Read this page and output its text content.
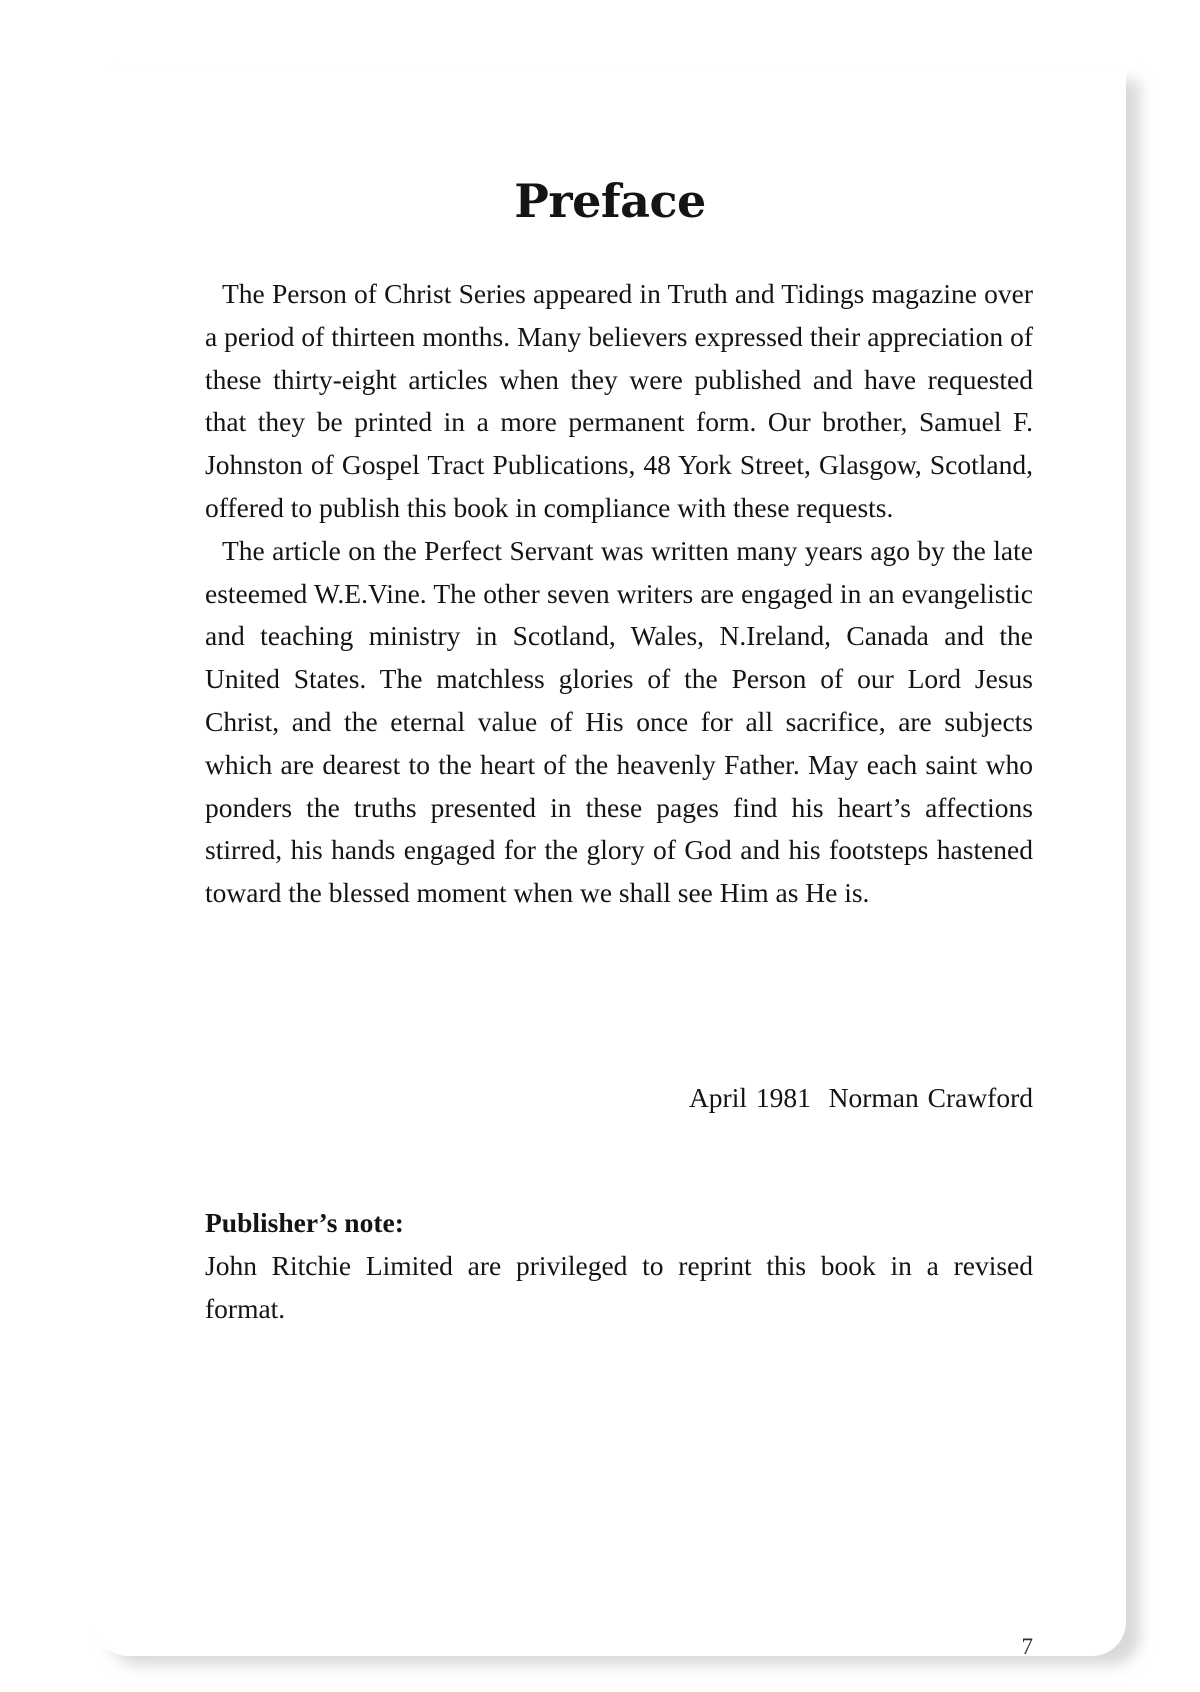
Preface

The Person of Christ Series appeared in Truth and Tidings magazine over a period of thirteen months. Many believers expressed their appreciation of these thirty-eight articles when they were published and have requested that they be printed in a more permanent form. Our brother, Samuel F. Johnston of Gospel Tract Publications, 48 York Street, Glasgow, Scotland, offered to publish this book in compliance with these requests.

The article on the Perfect Servant was written many years ago by the late esteemed W.E.Vine. The other seven writers are engaged in an evangelistic and teaching ministry in Scotland, Wales, N.Ireland, Canada and the United States. The matchless glories of the Person of our Lord Jesus Christ, and the eternal value of His once for all sacrifice, are subjects which are dearest to the heart of the heavenly Father. May each saint who ponders the truths presented in these pages find his heart’s affections stirred, his hands engaged for the glory of God and his footsteps hastened toward the blessed moment when we shall see Him as He is.

April 1981 Norman Crawford

Publisher’s note:

John Ritchie Limited are privileged to reprint this book in a revised format.

7
